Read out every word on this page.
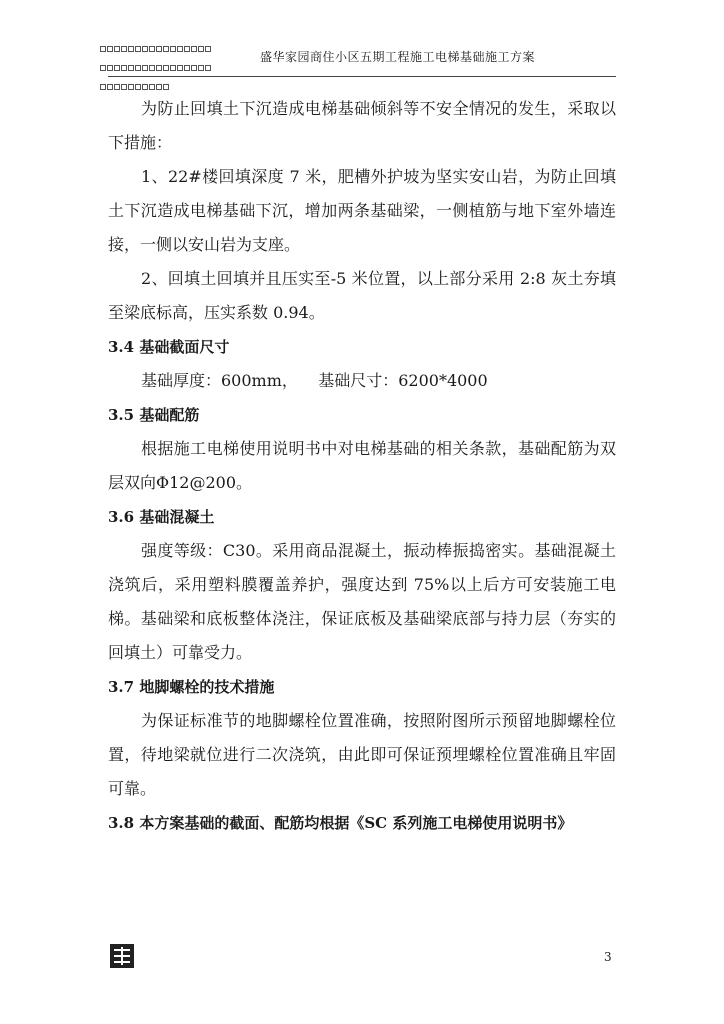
盛华家园商住小区五期工程施工电梯基础施工方案

为防止回填土下沉造成电梯基础倾斜等不安全情况的发生，采取以下措施：

1、22#楼回填深度 7 米，肥槽外护坡为坚实安山岩，为防止回填土下沉造成电梯基础下沉，增加两条基础梁，一侧植筋与地下室外墙连接，一侧以安山岩为支座。

2、回填土回填并且压实至-5 米位置，以上部分采用 2:8 灰土夯填至梁底标高，压实系数 0.94。

3.4 基础截面尺寸

基础厚度：600mm，    基础尺寸：6200*4000

3.5 基础配筋

根据施工电梯使用说明书中对电梯基础的相关条款，基础配筋为双层双向Φ12@200。

3.6 基础混凝土

强度等级：C30。采用商品混凝土，振动棒振捣密实。基础混凝土浇筑后，采用塑料膜覆盖养护，强度达到 75%以上后方可安装施工电梯。基础梁和底板整体浇注，保证底板及基础梁底部与持力层（夯实的回填土）可靠受力。

3.7 地脚螺栓的技术措施

为保证标准节的地脚螺栓位置准确，按照附图所示预留地脚螺栓位置，待地梁就位进行二次浇筑，由此即可保证预埋螺栓位置准确且牢固可靠。

3.8 本方案基础的截面、配筋均根据《SC 系列施工电梯使用说明书》

3
